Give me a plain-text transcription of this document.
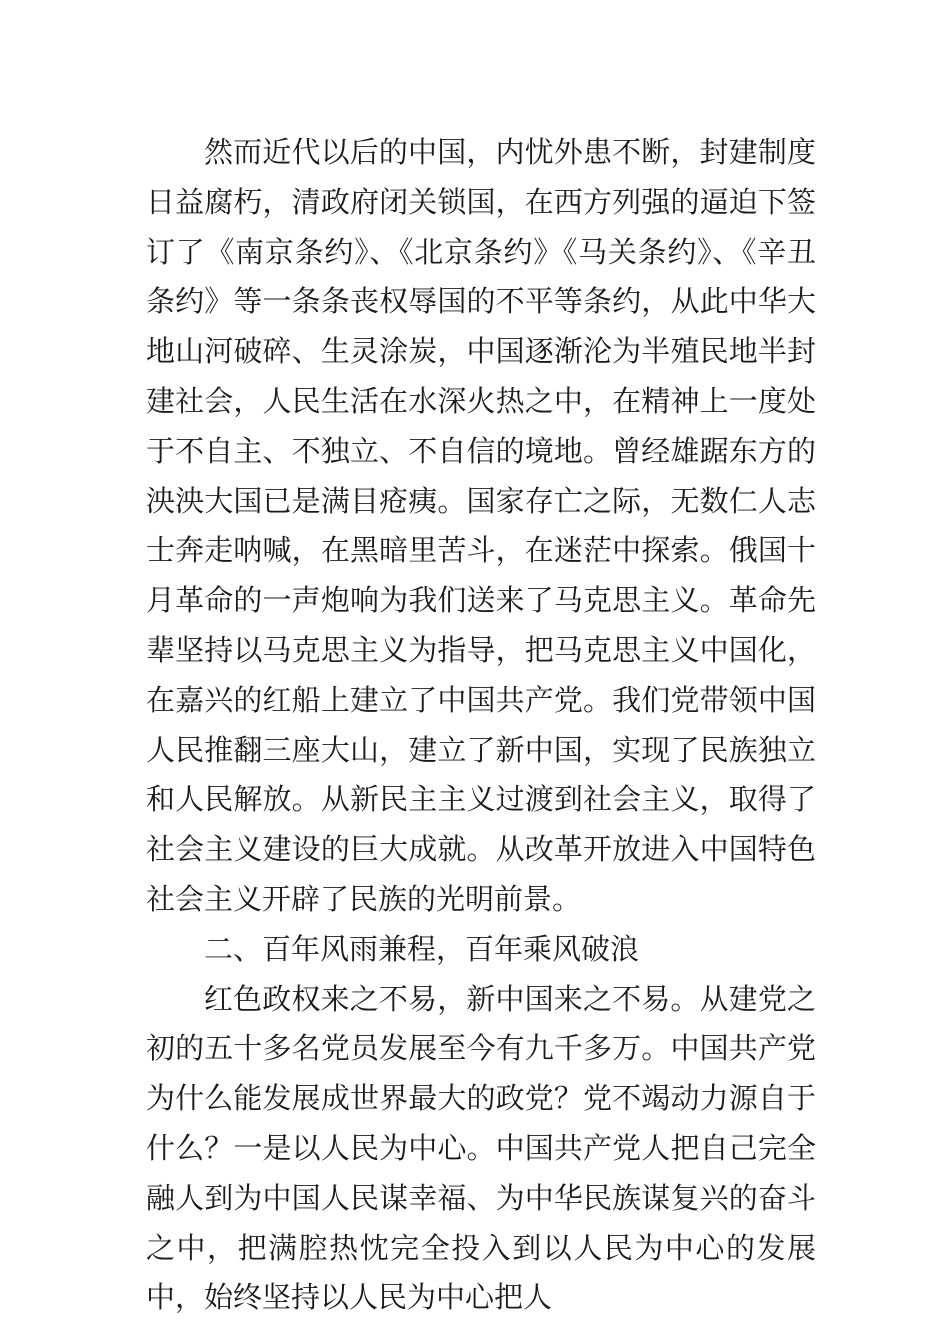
然而近代以后的中国，内忧外患不断，封建制度日益腐朽，清政府闭关锁国，在西方列强的逼迫下签订了《南京条约》、《北京条约》《马关条约》、《辛丑条约》等一条条丧权辱国的不平等条约，从此中华大地山河破碎、生灵涂炭，中国逐渐沦为半殖民地半封建社会，人民生活在水深火热之中，在精神上一度处于不自主、不独立、不自信的境地。曾经雄踞东方的泱泱大国已是满目疮痍。国家存亡之际，无数仁人志士奔走呐喊，在黑暗里苦斗，在迷茫中探索。俄国十月革命的一声炮响为我们送来了马克思主义。革命先辈坚持以马克思主义为指导，把马克思主义中国化，在嘉兴的红船上建立了中国共产党。我们党带领中国人民推翻三座大山，建立了新中国，实现了民族独立和人民解放。从新民主主义过渡到社会主义，取得了社会主义建设的巨大成就。从改革开放进入中国特色社会主义开辟了民族的光明前景。

二、百年风雨兼程，百年乘风破浪

红色政权来之不易，新中国来之不易。从建党之初的五十多名党员发展至今有九千多万。中国共产党为什么能发展成世界最大的政党？党不竭动力源自于什么？一是以人民为中心。中国共产党人把自己完全融人到为中国人民谋幸福、为中华民族谋复兴的奋斗之中，把满腔热忱完全投入到以人民为中心的发展中，始终坚持以人民为中心把人
